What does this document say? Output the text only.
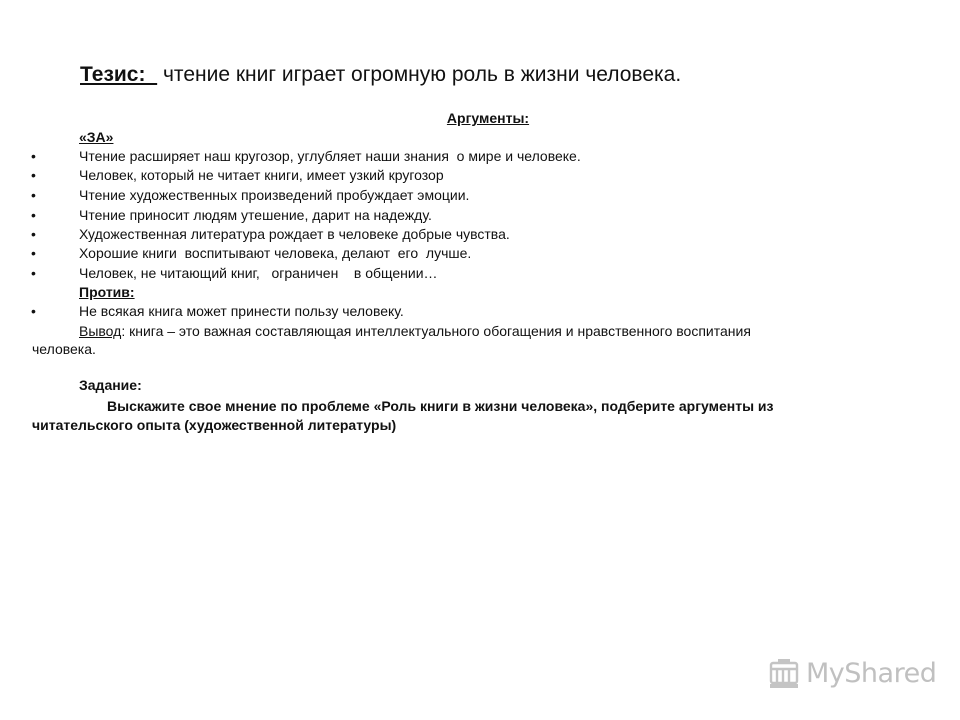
Тезис:   чтение книг играет огромную роль в жизни человека.
Аргументы:
«ЗА»
•	Чтение расширяет наш кругозор, углубляет наши знания  о мире и человеке.
•	Человек, который не читает книги, имеет узкий кругозор
•	Чтение художественных произведений пробуждает эмоции.
•	Чтение приносит людям утешение, дарит на надежду.
•	Художественная литература рождает в человеке добрые чувства.
•	Хорошие книги  воспитывают человека, делают  его  лучше.
•	Человек, не читающий книг,   ограничен    в общении…
Против:
•	Не всякая книга может принести пользу человеку.
Вывод: книга – это важная составляющая интеллектуального обогащения и нравственного воспитания
человека.
Задание:
Выскажите свое мнение по проблеме «Роль книги в жизни человека», подберите аргументы из
читательского опыта (художественной литературы)
MyShared
